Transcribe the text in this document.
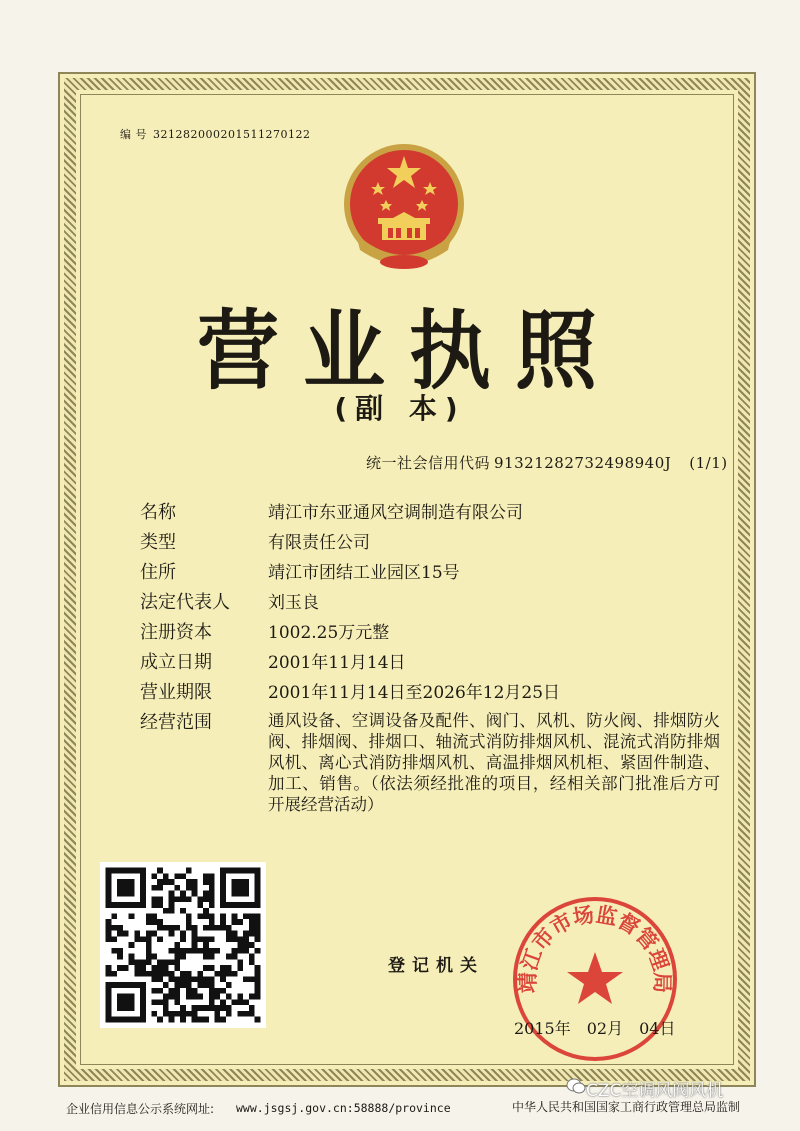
编 号 32128200020151127012​2
营业执照
(副 本)
统一社会信用代码 91321282732498940J (1/1)
名称	靖江市东亚通风空调制造有限公司
类型	有限责任公司
住所	靖江市团结工业园区15号
法定代表人	刘玉良
注册资本	1002.25万元整
成立日期	2001年11月14日
营业期限	2001年11月14日至2026年12月25日
经营范围	通风设备、空调设备及配件、阀门、风机、防火阀、排烟防火阀、排烟阀、排烟口、轴流式消防排烟风机、混流式消防排烟风机、离心式消防排烟风机、高温排烟风机柜、紧固件制造、加工、销售。（依法须经批准的项目，经相关部门批准后方可开展经营活动）
登记机关
靖江市市场监督管理局
2015年 02月 04日
企业信用信息公示系统网址: www.jsgsj.gov.cn:58888/province	中华人民共和国国家工商行政管理总局监制
CZC空调风阀风机
